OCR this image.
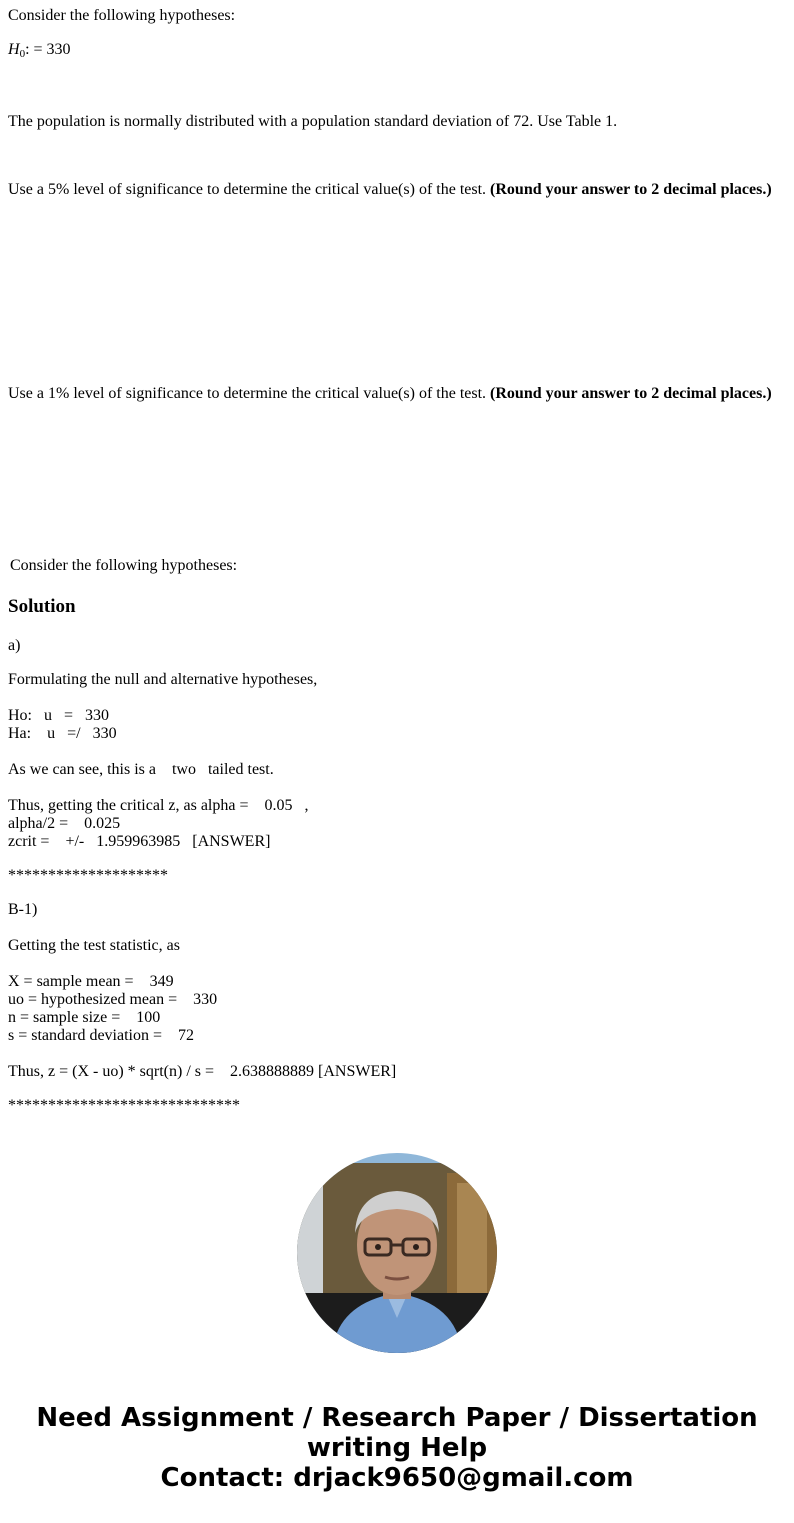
Consider the following hypotheses:
$H_0$: = 330
The population is normally distributed with a population standard deviation of 72. Use Table 1.
Use a 5% level of significance to determine the critical value(s) of the test. (Round your answer to 2 decimal places.)
Use a 1% level of significance to determine the critical value(s) of the test. (Round your answer to 2 decimal places.)
Consider the following hypotheses:
Solution
a)
Formulating the null and alternative hypotheses,
Ho:   u   =   330
Ha:    u   =/   330
As we can see, this is a    two   tailed test.
Thus, getting the critical z, as alpha =    0.05   ,
alpha/2 =    0.025
zcrit =    +/-   1.959963985   [ANSWER]
********************
B-1)
Getting the test statistic, as
X = sample mean =    349
uo = hypothesized mean =    330
n = sample size =    100
s = standard deviation =    72
Thus, z = (X - uo) * sqrt(n) / s =    2.638888889 [ANSWER]
*****************************
Need Assignment / Research Paper / Dissertation
writing Help
Contact: drjack9650@gmail.com
